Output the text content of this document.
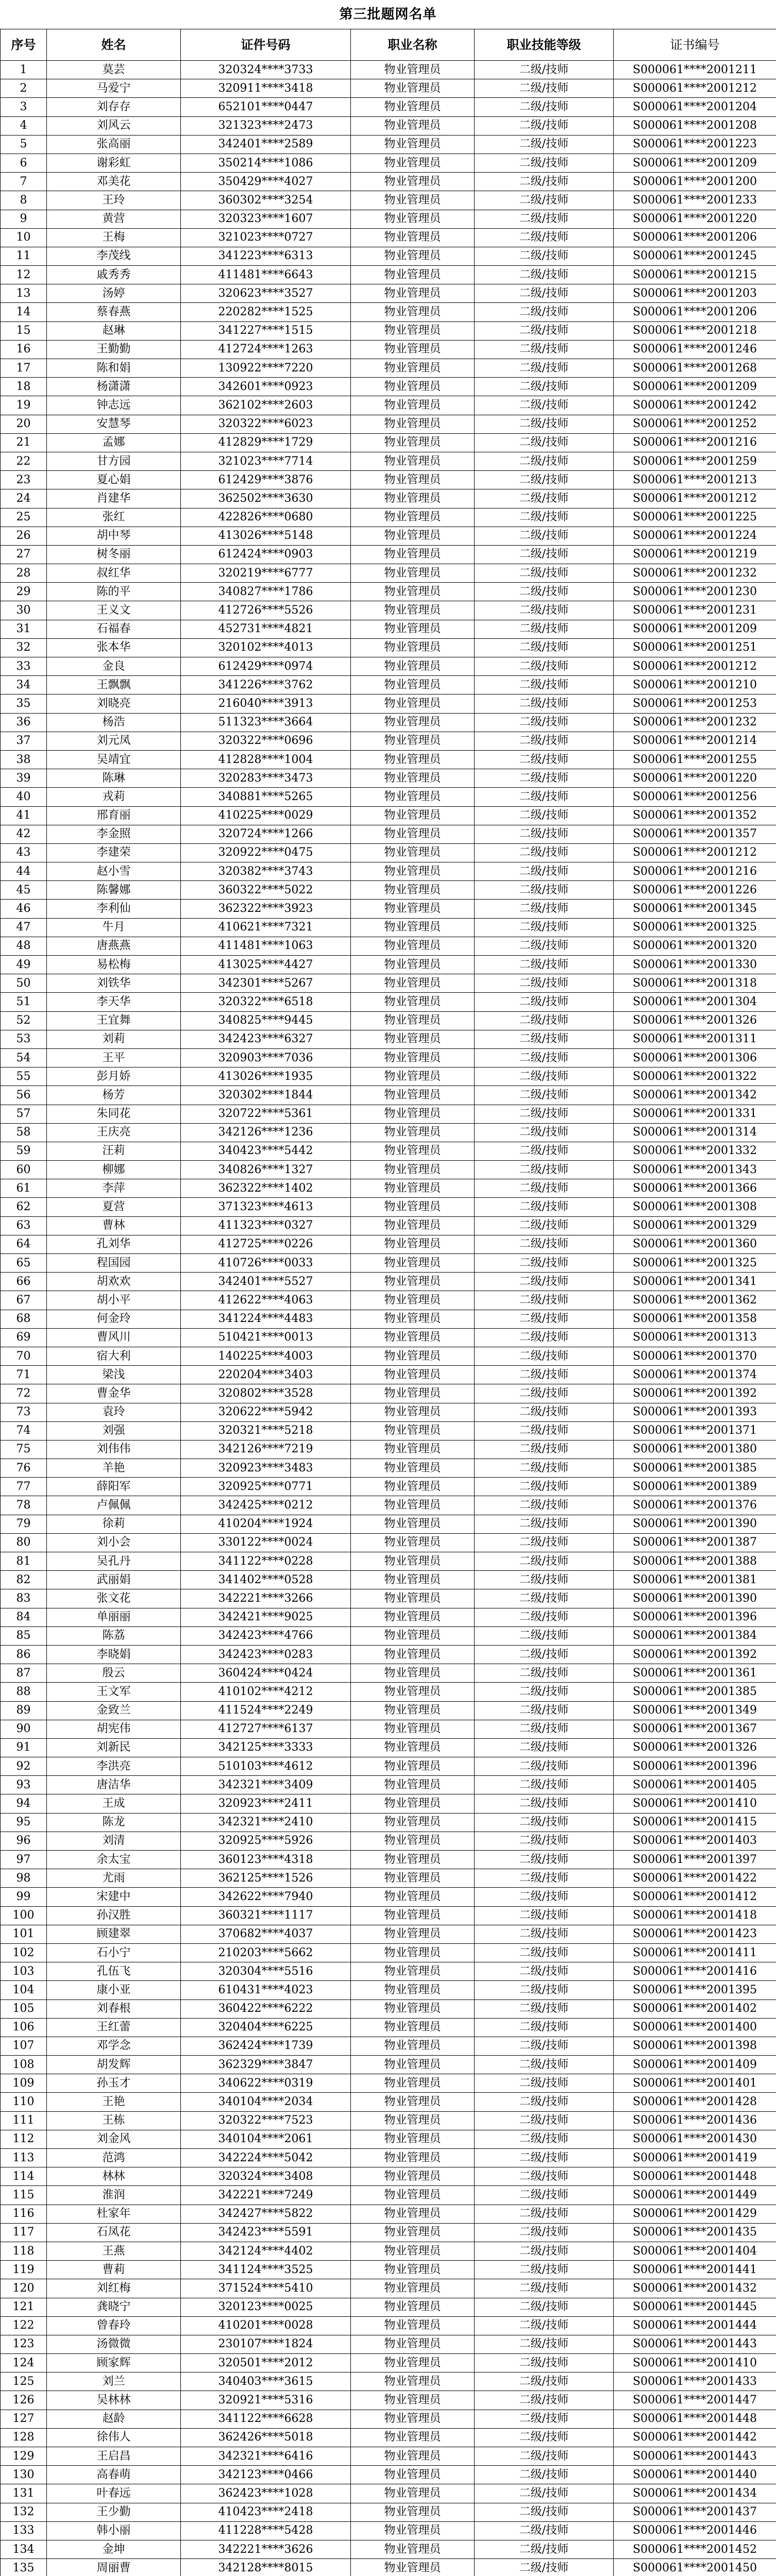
第三批题网名单
序号	姓名	证件号码	职业名称	职业技能等级	证书编号
1	莫芸	320324****3733	物业管理员	二级/技师	S000061****2001211
2	马爱宁	320911****3418	物业管理员	二级/技师	S000061****2001212
3	刘存存	652101****0447	物业管理员	二级/技师	S000061****2001204
4	刘风云	321323****2473	物业管理员	二级/技师	S000061****2001208
5	张高丽	342401****2589	物业管理员	二级/技师	S000061****2001223
6	谢彩虹	350214****1086	物业管理员	二级/技师	S000061****2001209
7	邓美花	350429****4027	物业管理员	二级/技师	S000061****2001200
8	王玲	360302****3254	物业管理员	二级/技师	S000061****2001233
9	黄营	320323****1607	物业管理员	二级/技师	S000061****2001220
10	王梅	321023****0727	物业管理员	二级/技师	S000061****2001206
11	李茂线	341223****6313	物业管理员	二级/技师	S000061****2001245
12	戚秀秀	411481****6643	物业管理员	二级/技师	S000061****2001215
13	汤婷	320623****3527	物业管理员	二级/技师	S000061****2001203
14	蔡春燕	220282****1525	物业管理员	二级/技师	S000061****2001206
15	赵琳	341227****1515	物业管理员	二级/技师	S000061****2001218
16	王勤勤	412724****1263	物业管理员	二级/技师	S000061****2001246
17	陈和娟	130922****7220	物业管理员	二级/技师	S000061****2001268
18	杨潇潇	342601****0923	物业管理员	二级/技师	S000061****2001209
19	钟志远	362102****2603	物业管理员	二级/技师	S000061****2001242
20	安慧琴	320322****6023	物业管理员	二级/技师	S000061****2001252
21	孟娜	412829****1729	物业管理员	二级/技师	S000061****2001216
22	甘方园	321023****7714	物业管理员	二级/技师	S000061****2001259
23	夏心娟	612429****3876	物业管理员	二级/技师	S000061****2001213
24	肖建华	362502****3630	物业管理员	二级/技师	S000061****2001212
25	张红	422826****0680	物业管理员	二级/技师	S000061****2001225
26	胡中琴	413026****5148	物业管理员	二级/技师	S000061****2001224
27	树冬丽	612424****0903	物业管理员	二级/技师	S000061****2001219
28	叔红华	320219****6777	物业管理员	二级/技师	S000061****2001232
29	陈的平	340827****1786	物业管理员	二级/技师	S000061****2001230
30	王义文	412726****5526	物业管理员	二级/技师	S000061****2001231
31	石福春	452731****4821	物业管理员	二级/技师	S000061****2001209
32	张本华	320102****4013	物业管理员	二级/技师	S000061****2001251
33	金良	612429****0974	物业管理员	二级/技师	S000061****2001212
34	王飘飘	341226****3762	物业管理员	二级/技师	S000061****2001210
35	刘晓亮	216040****3913	物业管理员	二级/技师	S000061****2001253
36	杨浩	511323****3664	物业管理员	二级/技师	S000061****2001232
37	刘元凤	320322****0696	物业管理员	二级/技师	S000061****2001214
38	吴靖宜	412828****1004	物业管理员	二级/技师	S000061****2001255
39	陈琳	320283****3473	物业管理员	二级/技师	S000061****2001220
40	戎莉	340881****5265	物业管理员	二级/技师	S000061****2001256
41	邢育丽	410225****0029	物业管理员	二级/技师	S000061****2001352
42	李金照	320724****1266	物业管理员	二级/技师	S000061****2001357
43	李建荣	320922****0475	物业管理员	二级/技师	S000061****2001212
44	赵小雪	320382****3743	物业管理员	二级/技师	S000061****2001216
45	陈馨娜	360322****5022	物业管理员	二级/技师	S000061****2001226
46	李利仙	362322****3923	物业管理员	二级/技师	S000061****2001345
47	牛月	410621****7321	物业管理员	二级/技师	S000061****2001325
48	唐燕燕	411481****1063	物业管理员	二级/技师	S000061****2001320
49	易松梅	413025****4427	物业管理员	二级/技师	S000061****2001330
50	刘铁华	342301****5267	物业管理员	二级/技师	S000061****2001318
51	李天华	320322****6518	物业管理员	二级/技师	S000061****2001304
52	王宜舞	340825****9445	物业管理员	二级/技师	S000061****2001326
53	刘莉	342423****6327	物业管理员	二级/技师	S000061****2001311
54	王平	320903****7036	物业管理员	二级/技师	S000061****2001306
55	彭月娇	413026****1935	物业管理员	二级/技师	S000061****2001322
56	杨芳	320302****1844	物业管理员	二级/技师	S000061****2001342
57	朱同花	320722****5361	物业管理员	二级/技师	S000061****2001331
58	王庆亮	342126****1236	物业管理员	二级/技师	S000061****2001314
59	汪莉	340423****5442	物业管理员	二级/技师	S000061****2001332
60	柳娜	340826****1327	物业管理员	二级/技师	S000061****2001343
61	李萍	362322****1402	物业管理员	二级/技师	S000061****2001366
62	夏营	371323****4613	物业管理员	二级/技师	S000061****2001308
63	曹林	411323****0327	物业管理员	二级/技师	S000061****2001329
64	孔刘华	412725****0226	物业管理员	二级/技师	S000061****2001360
65	程国园	410726****0033	物业管理员	二级/技师	S000061****2001325
66	胡欢欢	342401****5527	物业管理员	二级/技师	S000061****2001341
67	胡小平	412622****4063	物业管理员	二级/技师	S000061****2001362
68	何金玲	341224****4483	物业管理员	二级/技师	S000061****2001358
69	曹风川	510421****0013	物业管理员	二级/技师	S000061****2001313
70	宿大利	140225****4003	物业管理员	二级/技师	S000061****2001370
71	梁浅	220204****3403	物业管理员	二级/技师	S000061****2001374
72	曹金华	320802****3528	物业管理员	二级/技师	S000061****2001392
73	袁玲	320622****5942	物业管理员	二级/技师	S000061****2001393
74	刘强	320321****5218	物业管理员	二级/技师	S000061****2001371
75	刘伟伟	342126****7219	物业管理员	二级/技师	S000061****2001380
76	羊艳	320923****3483	物业管理员	二级/技师	S000061****2001385
77	薛阳军	320925****0771	物业管理员	二级/技师	S000061****2001389
78	卢佩佩	342425****0212	物业管理员	二级/技师	S000061****2001376
79	徐莉	410204****1924	物业管理员	二级/技师	S000061****2001390
80	刘小会	330122****0024	物业管理员	二级/技师	S000061****2001387
81	吴孔丹	341122****0228	物业管理员	二级/技师	S000061****2001388
82	武丽娟	341402****0528	物业管理员	二级/技师	S000061****2001381
83	张文花	342221****3266	物业管理员	二级/技师	S000061****2001390
84	单丽丽	342421****9025	物业管理员	二级/技师	S000061****2001396
85	陈荔	342423****4766	物业管理员	二级/技师	S000061****2001384
86	李晓娟	342423****0283	物业管理员	二级/技师	S000061****2001392
87	殷云	360424****0424	物业管理员	二级/技师	S000061****2001361
88	王文军	410102****4212	物业管理员	二级/技师	S000061****2001385
89	金致兰	411524****2249	物业管理员	二级/技师	S000061****2001349
90	胡宪伟	412727****6137	物业管理员	二级/技师	S000061****2001367
91	刘新民	342125****3333	物业管理员	二级/技师	S000061****2001326
92	李洪亮	510103****4612	物业管理员	二级/技师	S000061****2001396
93	唐洁华	342321****3409	物业管理员	二级/技师	S000061****2001405
94	王成	320923****2411	物业管理员	二级/技师	S000061****2001410
95	陈龙	342321****2410	物业管理员	二级/技师	S000061****2001415
96	刘清	320925****5926	物业管理员	二级/技师	S000061****2001403
97	余太宝	360123****4318	物业管理员	二级/技师	S000061****2001397
98	尤雨	362125****1526	物业管理员	二级/技师	S000061****2001422
99	宋建中	342622****7940	物业管理员	二级/技师	S000061****2001412
100	孙汉胜	360321****1117	物业管理员	二级/技师	S000061****2001418
101	顾建翠	370682****4037	物业管理员	二级/技师	S000061****2001423
102	石小宁	210203****5662	物业管理员	二级/技师	S000061****2001411
103	孔伍飞	320304****5516	物业管理员	二级/技师	S000061****2001416
104	康小亚	610431****4023	物业管理员	二级/技师	S000061****2001395
105	刘春根	360422****6222	物业管理员	二级/技师	S000061****2001402
106	王红蕾	320404****6225	物业管理员	二级/技师	S000061****2001400
107	邓学念	362424****1739	物业管理员	二级/技师	S000061****2001398
108	胡发辉	362329****3847	物业管理员	二级/技师	S000061****2001409
109	孙玉才	340622****0319	物业管理员	二级/技师	S000061****2001401
110	王艳	340104****2034	物业管理员	二级/技师	S000061****2001428
111	王栋	320322****7523	物业管理员	二级/技师	S000061****2001436
112	刘金风	340104****2061	物业管理员	二级/技师	S000061****2001430
113	范鸿	342224****5042	物业管理员	二级/技师	S000061****2001419
114	林林	320324****3408	物业管理员	二级/技师	S000061****2001448
115	淮润	342221****7249	物业管理员	二级/技师	S000061****2001449
116	杜家年	342427****5822	物业管理员	二级/技师	S000061****2001429
117	石凤花	342423****5591	物业管理员	二级/技师	S000061****2001435
118	王燕	342124****4402	物业管理员	二级/技师	S000061****2001404
119	曹莉	341124****3525	物业管理员	二级/技师	S000061****2001441
120	刘红梅	371524****5410	物业管理员	二级/技师	S000061****2001432
121	龚晓宁	320123****0025	物业管理员	二级/技师	S000061****2001445
122	曾春玲	410201****0028	物业管理员	二级/技师	S000061****2001444
123	汤微微	230107****1824	物业管理员	二级/技师	S000061****2001443
124	顾家辉	320501****2012	物业管理员	二级/技师	S000061****2001410
125	刘兰	340403****3615	物业管理员	二级/技师	S000061****2001433
126	吴林林	320921****5316	物业管理员	二级/技师	S000061****2001447
127	赵龄	341122****6628	物业管理员	二级/技师	S000061****2001448
128	徐伟人	362426****5018	物业管理员	二级/技师	S000061****2001442
129	王启昌	342321****6416	物业管理员	二级/技师	S000061****2001443
130	高春萌	342123****0466	物业管理员	二级/技师	S000061****2001440
131	叶春远	362423****1028	物业管理员	二级/技师	S000061****2001434
132	王少勤	410423****2418	物业管理员	二级/技师	S000061****2001437
133	韩小丽	411228****5428	物业管理员	二级/技师	S000061****2001446
134	金坤	342221****3626	物业管理员	二级/技师	S000061****2001452
135	周丽曹	342128****8015	物业管理员	二级/技师	S000061****2001450
